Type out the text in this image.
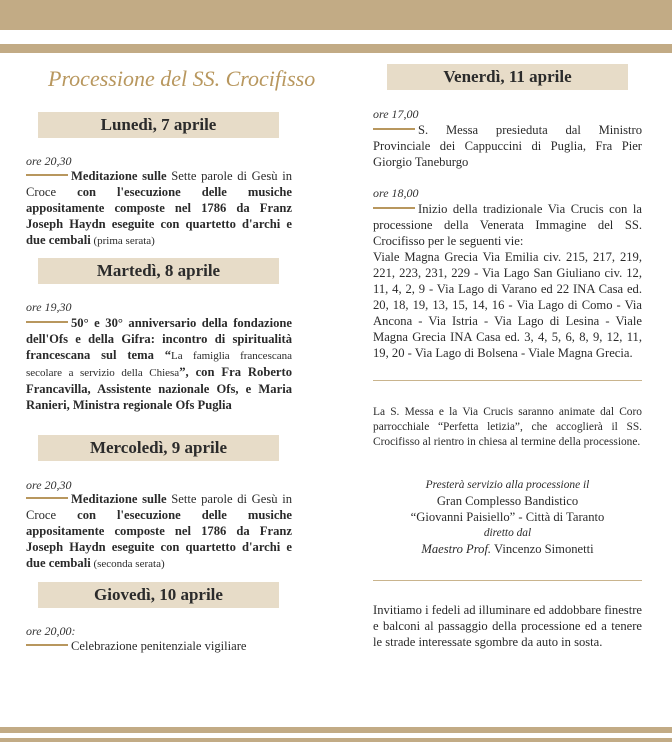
Processione del SS. Crocifisso
Lunedì, 7 aprile
ore 20,30
Meditazione sulle Sette parole di Gesù in Croce con l'esecuzione delle musiche appositamente composte nel 1786 da Franz Joseph Haydn eseguite con quartetto d'archi e due cembali (prima serata)
Martedì, 8 aprile
ore 19,30
50° e 30° anniversario della fondazione dell'Ofs e della Gifra: incontro di spiritualità francescana sul tema “La famiglia francescana secolare a servizio della Chiesa”, con Fra Roberto Francavilla, Assistente nazionale Ofs, e Maria Ranieri, Ministra regionale Ofs Puglia
Mercoledì, 9 aprile
ore 20,30
Meditazione sulle Sette parole di Gesù in Croce con l'esecuzione delle musiche appositamente composte nel 1786 da Franz Joseph Haydn eseguite con quartetto d'archi e due cembali (seconda serata)
Giovedì, 10 aprile
ore 20,00:
Celebrazione penitenziale vigiliare
Venerdì, 11 aprile
ore 17,00
S. Messa presieduta dal Ministro Provinciale dei Cappuccini di Puglia, Fra Pier Giorgio Taneburgo
ore 18,00
Inizio della tradizionale Via Crucis con la processione della Venerata Immagine del SS. Crocifisso per le seguenti vie:
Viale Magna Grecia Via Emilia civ. 215, 217, 219, 221, 223, 231, 229 - Via Lago San Giuliano civ. 12, 11, 4, 2, 9 - Via Lago di Varano ed 22 INA Casa ed. 20, 18, 19, 13, 15, 14, 16 - Via Lago di Como - Via Ancona - Via Istria - Via Lago di Lesina - Viale Magna Grecia INA Casa ed. 3, 4, 5, 6, 8, 9, 12, 11, 19, 20 - Via Lago di Bolsena - Viale Magna Grecia.
La S. Messa e la Via Crucis saranno animate dal Coro parrocchiale “Perfetta letizia”, che accoglierà il SS. Crocifisso al rientro in chiesa al termine della processione.
Presterà servizio alla processione il
Gran Complesso Bandistico
“Giovanni Paisiello” - Città di Taranto
diretto dal
Maestro Prof. Vincenzo Simonetti
Invitiamo i fedeli ad illuminare ed addobbare finestre e balconi al passaggio della processione ed a tenere le strade interessate sgombre da auto in sosta.
